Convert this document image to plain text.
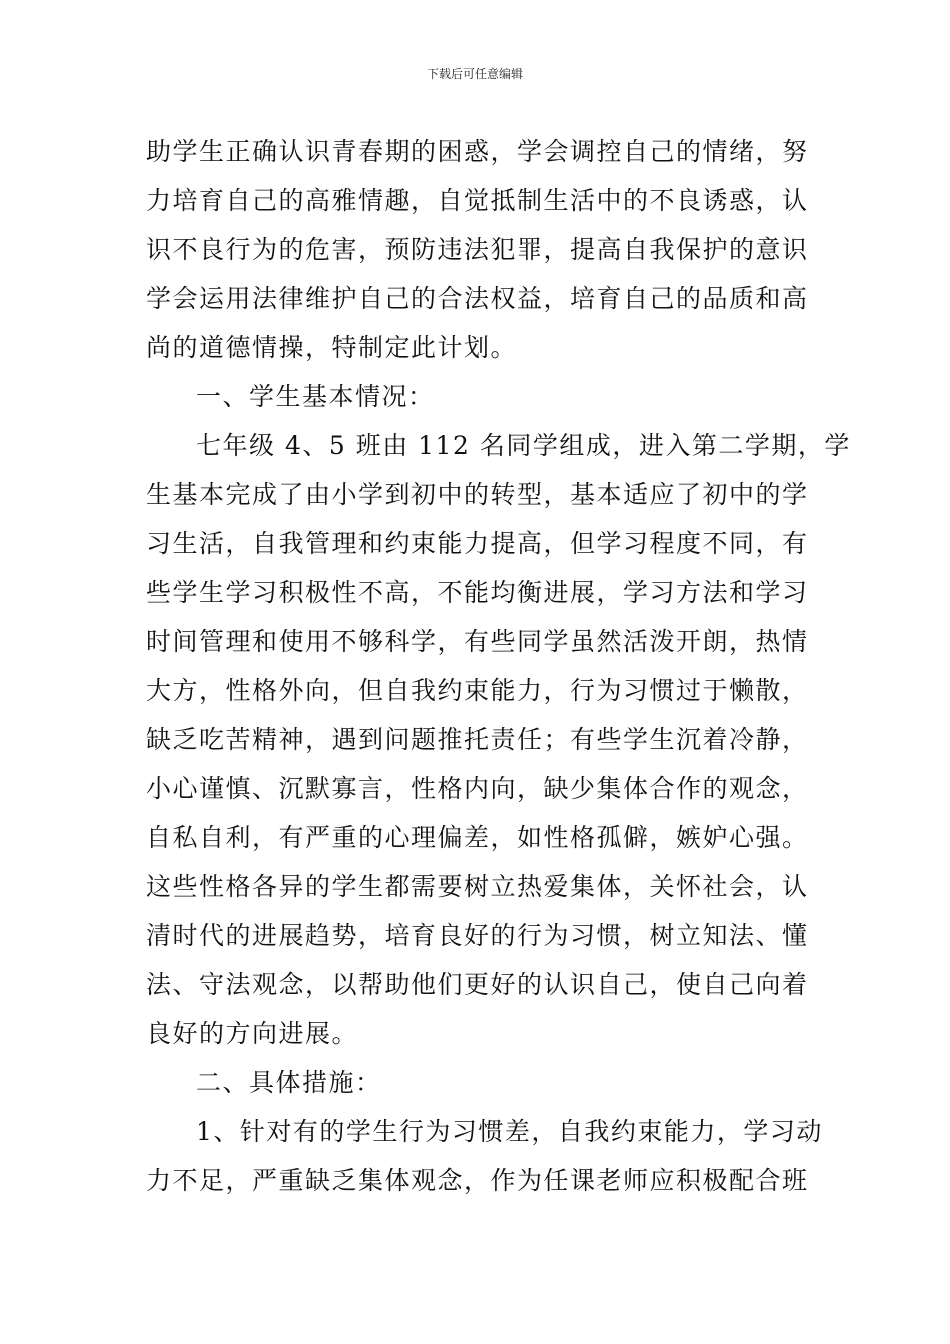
下载后可任意编辑
助学生正确认识青春期的困惑，学会调控自己的情绪，努
力培育自己的高雅情趣，自觉抵制生活中的不良诱惑，认
识不良行为的危害，预防违法犯罪，提高自我保护的意识
学会运用法律维护自己的合法权益，培育自己的品质和高
尚的道德情操，特制定此计划。
一、学生基本情况：
七年级 4、5 班由 112 名同学组成，进入第二学期，学
生基本完成了由小学到初中的转型，基本适应了初中的学
习生活，自我管理和约束能力提高，但学习程度不同，有
些学生学习积极性不高，不能均衡进展，学习方法和学习
时间管理和使用不够科学，有些同学虽然活泼开朗，热情
大方，性格外向，但自我约束能力，行为习惯过于懒散，
缺乏吃苦精神，遇到问题推托责任；有些学生沉着冷静，
小心谨慎、沉默寡言，性格内向，缺少集体合作的观念，
自私自利，有严重的心理偏差，如性格孤僻，嫉妒心强。
这些性格各异的学生都需要树立热爱集体，关怀社会，认
清时代的进展趋势，培育良好的行为习惯，树立知法、懂
法、守法观念，以帮助他们更好的认识自己，使自己向着
良好的方向进展。
二、具体措施：
1、针对有的学生行为习惯差，自我约束能力，学习动
力不足，严重缺乏集体观念，作为任课老师应积极配合班
